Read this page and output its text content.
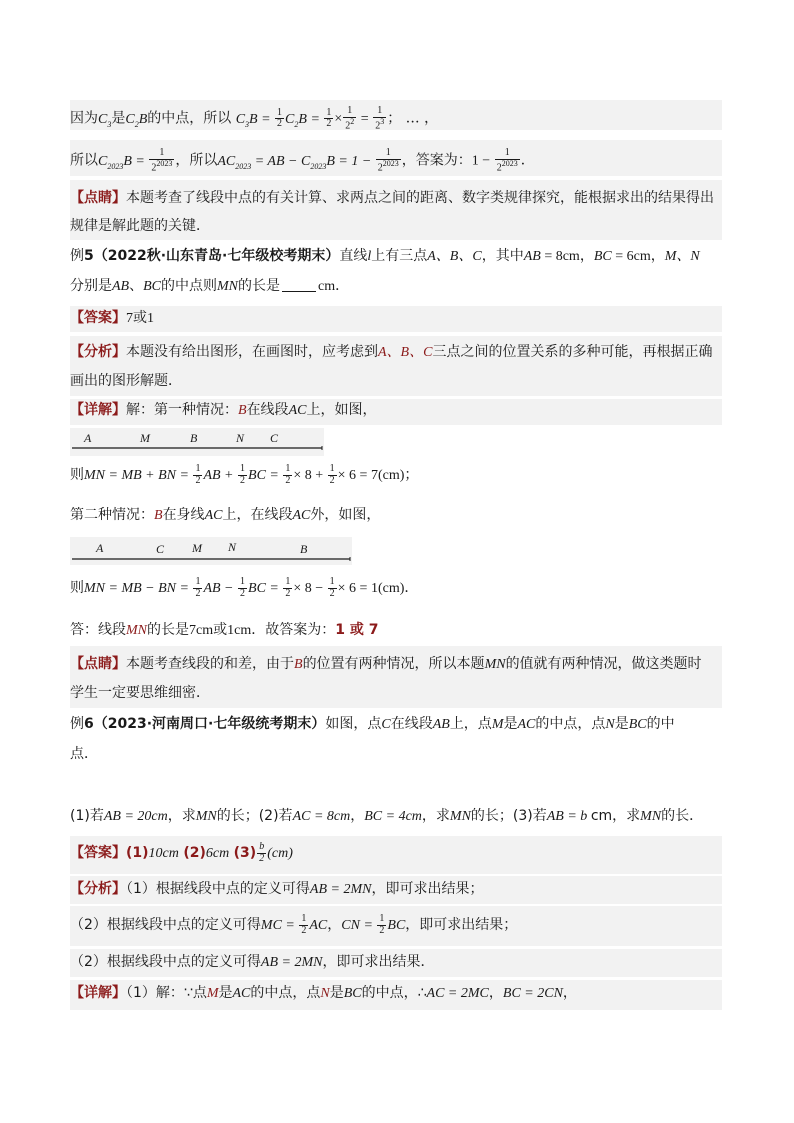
因为$C_3$是$C_2B$的中点，所以 $C_3B = \frac{1}{2} C_2B = \frac{1}{2} \times \frac{1}{2^2} = \frac{1}{2^3}$ ； … ，
所以$C_{2023}B = \frac{1}{2^{2023}}$ ，所以$AC_{2023}$ = AB − $C_{2023}B = 1 - \frac{1}{2^{2023}}$ ，答案为：$1 - \frac{1}{2^{2023}}$ ．
【点睛】本题考查了线段中点的有关计算、求两点之间的距离、数字类规律探究，能根据求出的结果得出
规律是解此题的关键．
例5（2022秋·山东青岛·七年级校考期末）直线l上有三点A、B、C，其中AB = 8cm，BC = 6cm，M、N
分别是AB、BC的中点则MN的长是	cm．
【答案】7或1
【分析】本题没有给出图形，在画图时，应考虑到A、B、C三点之间的位置关系的多种可能，再根据正确
画出的图形解题．
【详解】解：第一种情况：B在线段AC上，如图，
A	M	B	N C
则MN = MB + BN = $\frac{1}{2}$ AB + $\frac{1}{2}$ BC = $\frac{1}{2} \times 8 + \frac{1}{2} \times 6 = 7(cm)$；
第二种情况：B在身线AC上，在线段AC外，如图，
A	C M N	B
则MN = MB − BN = $\frac{1}{2}$ AB − $\frac{1}{2}$ BC = $\frac{1}{2} \times 8 - \frac{1}{2} \times 6 = 1(cm)$．
答：线段MN的长是7cm或1cm．故答案为：1 或 7
【点睛】本题考查线段的和差，由于B的位置有两种情况，所以本题MN的值就有两种情况，做这类题时
学生一定要思维细密．
例6（2023·河南周口·七年级统考期末）如图，点C在线段AB上，点M是AC的中点，点N是BC的中
点．
(1)若AB = 20cm，求MN的长；(2)若AC = 8cm，BC = 4cm，求MN的长；(3)若AB = b cm，求MN的长．
【答案】(1)10cm (2)6cm $(3) \frac{b}{2} (cm)$
【分析】（1）根据线段中点的定义可得AB = 2MN，即可求出结果；
（2）根据线段中点的定义可得MC = $\frac{1}{2}$ AC，CN = $\frac{1}{2}$ BC，即可求出结果；
（2）根据线段中点的定义可得AB = 2MN，即可求出结果．
【详解】（1）解：∵点M是AC的中点，点N是BC的中点，∴AC = 2MC，BC = 2CN，
